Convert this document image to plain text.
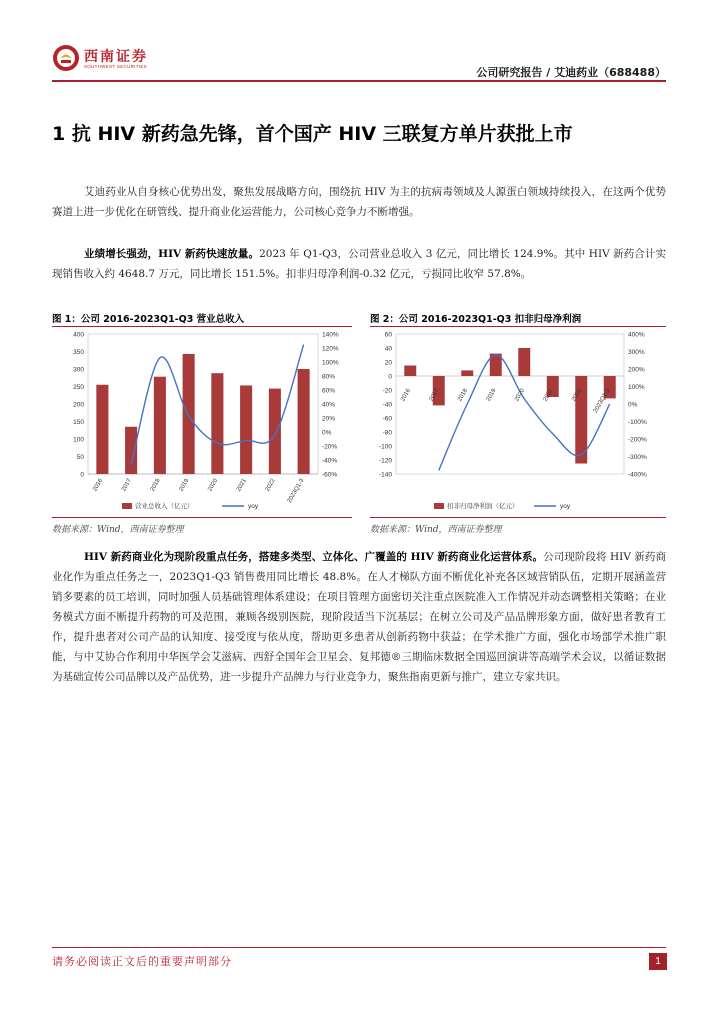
西南证券
SOUTHWEST SECURITIES	公司研究报告 / 艾迪药业（688488）
1 抗 HIV 新药急先锋，首个国产 HIV 三联复方单片获批上市
艾迪药业从自身核心优势出发，聚焦发展战略方向，围绕抗 HIV 为主的抗病毒领域及人源蛋白领域持续投入，在这两个优势赛道上进一步优化在研管线、提升商业化运营能力，公司核心竞争力不断增强。
业绩增长强劲，HIV 新药快速放量。2023 年 Q1-Q3，公司营业总收入 3 亿元，同比增长 124.9%。其中 HIV 新药合计实现销售收入约 4648.7 万元，同比增长 151.5%。扣非归母净利润-0.32 亿元，亏损同比收窄 57.8%。
图 1：公司 2016-2023Q1-Q3 营业总收入	图 2：公司 2016-2023Q1-Q3 扣非归母净利润
0
50
100
150
200
250
300
350
400
-60%
-40%
-20%
0%
20%
40%
60%
80%
100%
120%
140%
2016	2017	2018	2019	2020	2021	2022 2023Q1-3
营业总收入（亿元）	yoy
-140
-120
-100
-80
-60
-40
-20
0
20
40
60
-400%
-300%
-200%
-100%
0%
100%
200%
300%
400%
2016	2017	2018	2019	2020	2021	2022 2023Q1-3
扣非归母净利润（亿元）	yoy
数据来源：Wind，西南证券整理	数据来源：Wind，西南证券整理
HIV 新药商业化为现阶段重点任务，搭建多类型、立体化、广覆盖的 HIV 新药商业化运营体系。公司现阶段将 HIV 新药商业化作为重点任务之一，2023Q1-Q3 销售费用同比增长 48.8%。在人才梯队方面不断优化补充各区域营销队伍，定期开展涵盖营销多要素的员工培训，同时加强人员基础管理体系建设；在项目管理方面密切关注重点医院准入工作情况并动态调整相关策略；在业务模式方面不断提升药物的可及范围，兼顾各级别医院，现阶段适当下沉基层；在树立公司及产品品牌形象方面，做好患者教育工作，提升患者对公司产品的认知度、接受度与依从度，帮助更多患者从创新药物中获益；在学术推广方面，强化市场部学术推广职能，与中艾协合作利用中华医学会艾滋病、西舒全国年会卫星会、复邦德®三期临床数据全国巡回演讲等高端学术会议，以循证数据为基础宣传公司品牌以及产品优势，进一步提升产品牌力与行业竞争力，聚焦指南更新与推广，建立专家共识。
请务必阅读正文后的重要声明部分	1
